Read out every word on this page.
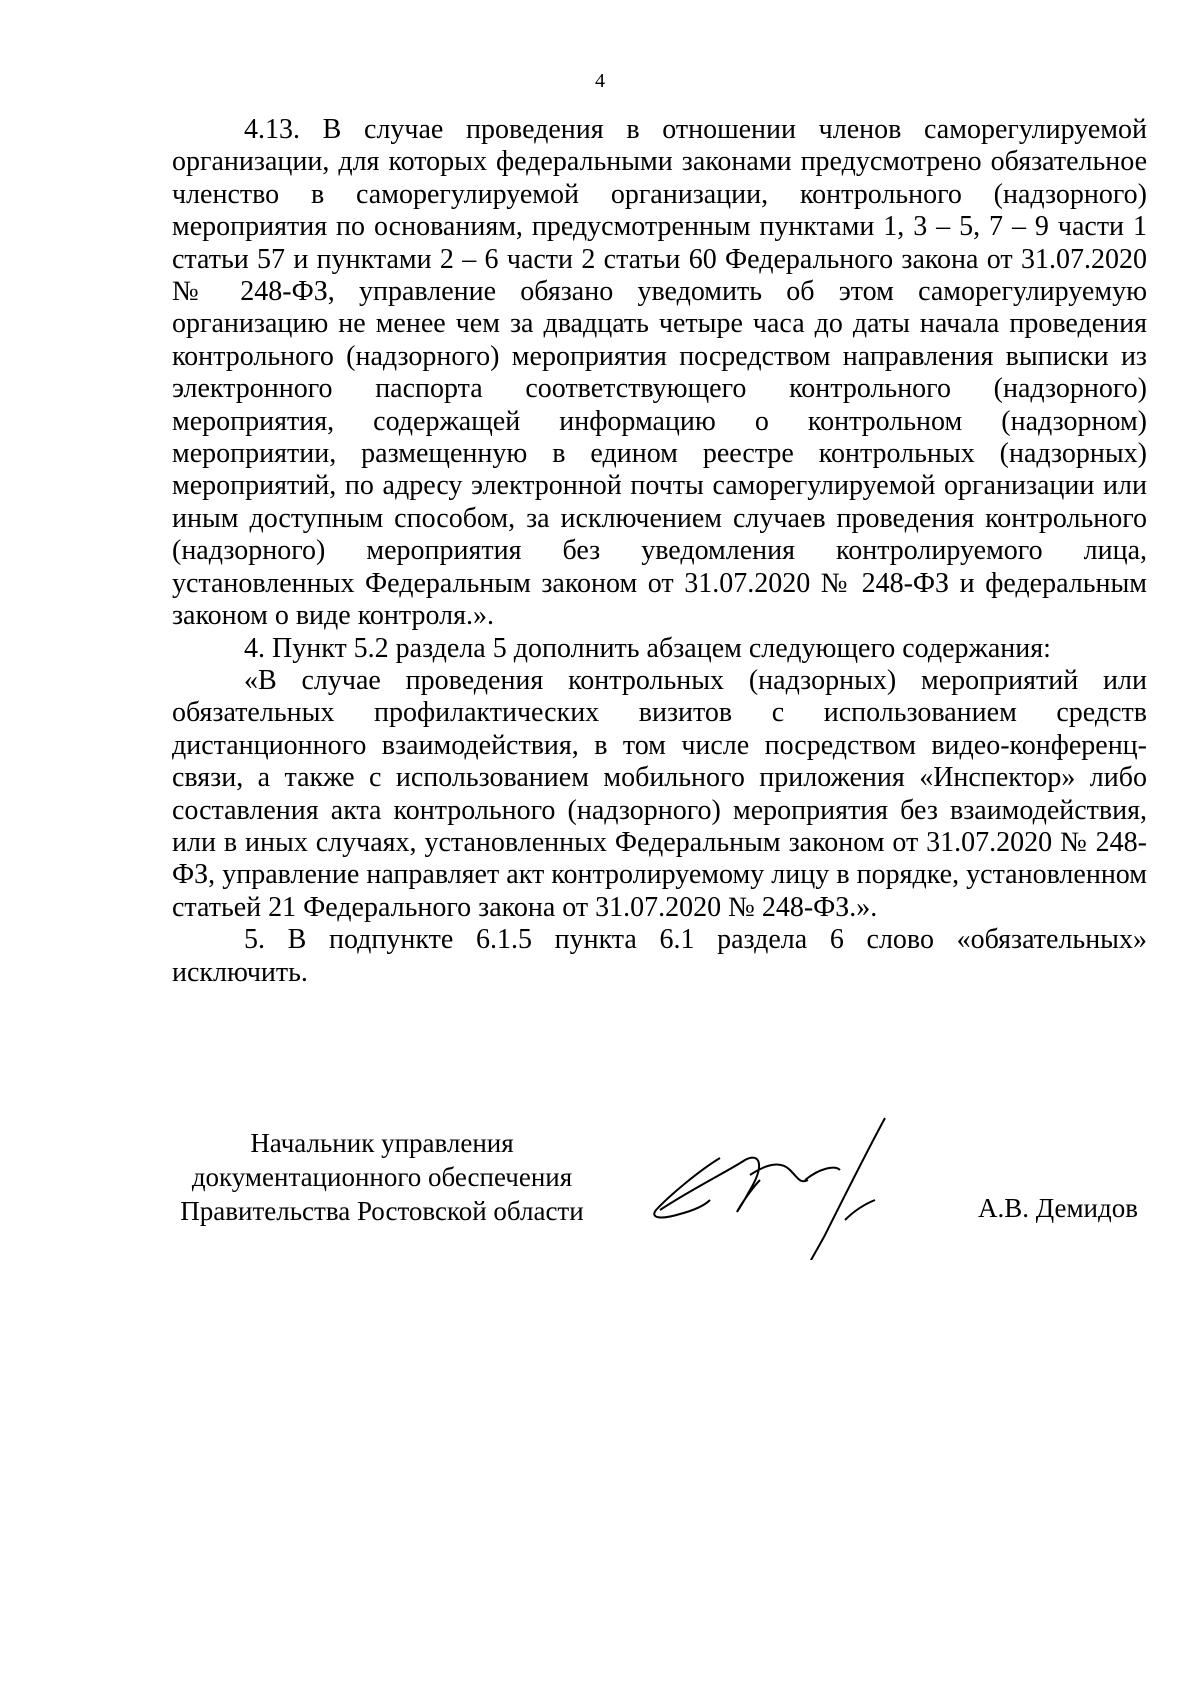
4

4.13. В случае проведения в отношении членов саморегулируемой организации, для которых федеральными законами предусмотрено обязательное членство в саморегулируемой организации, контрольного (надзорного) мероприятия по основаниям, предусмотренным пунктами 1, 3 – 5, 7 – 9 части 1 статьи 57 и пунктами 2 – 6 части 2 статьи 60 Федерального закона от 31.07.2020 № 248-ФЗ, управление обязано уведомить об этом саморегулируемую организацию не менее чем за двадцать четыре часа до даты начала проведения контрольного (надзорного) мероприятия посредством направления выписки из электронного паспорта соответствующего контрольного (надзорного) мероприятия, содержащей информацию о контрольном (надзорном) мероприятии, размещенную в едином реестре контрольных (надзорных) мероприятий, по адресу электронной почты саморегулируемой организации или иным доступным способом, за исключением случаев проведения контрольного (надзорного) мероприятия без уведомления контролируемого лица, установленных Федеральным законом от 31.07.2020 № 248-ФЗ и федеральным законом о виде контроля.».

4. Пункт 5.2 раздела 5 дополнить абзацем следующего содержания:

«В случае проведения контрольных (надзорных) мероприятий или обязательных профилактических визитов с использованием средств дистанционного взаимодействия, в том числе посредством видео-конференц-связи, а также с использованием мобильного приложения «Инспектор» либо составления акта контрольного (надзорного) мероприятия без взаимодействия, или в иных случаях, установленных Федеральным законом от 31.07.2020 № 248-ФЗ, управление направляет акт контролируемому лицу в порядке, установленном статьей 21 Федерального закона от 31.07.2020 № 248-ФЗ.».

5. В подпункте 6.1.5 пункта 6.1 раздела 6 слово «обязательных» исключить.

Начальник управления
документационного обеспечения
Правительства Ростовской области	А.В. Демидов
